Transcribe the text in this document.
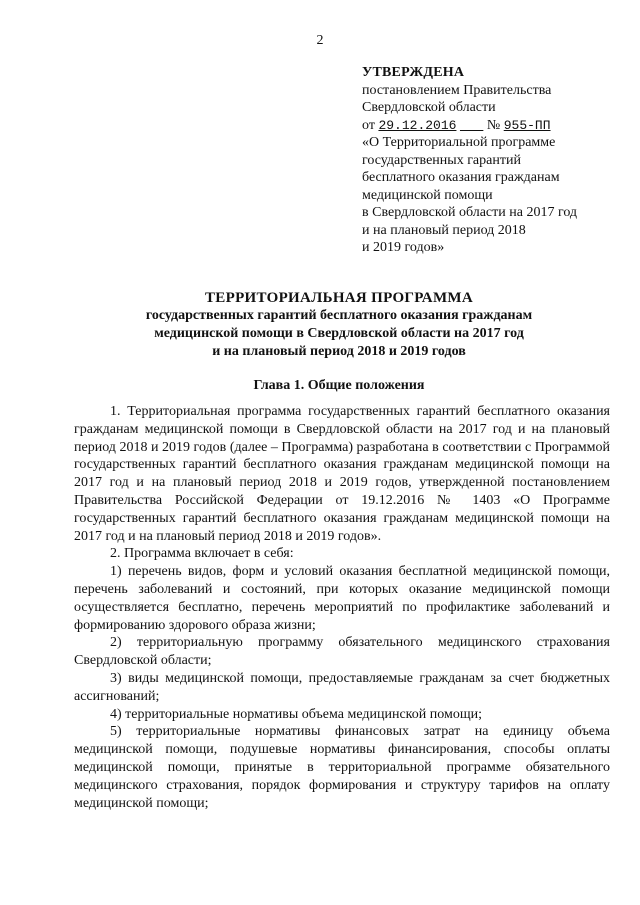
2
УТВЕРЖДЕНА
постановлением Правительства
Свердловской области
от 29.12.2016 № 955-ПП
«О Территориальной программе
государственных гарантий
бесплатного оказания гражданам
медицинской помощи
в Свердловской области на 2017 год
и на плановый период 2018
и 2019 годов»
ТЕРРИТОРИАЛЬНАЯ ПРОГРАММА
государственных гарантий бесплатного оказания гражданам
медицинской помощи в Свердловской области на 2017 год
и на плановый период 2018 и 2019 годов
Глава 1. Общие положения

1. Территориальная программа государственных гарантий бесплатного оказания гражданам медицинской помощи в Свердловской области на 2017 год и на плановый период 2018 и 2019 годов (далее – Программа) разработана в соответствии с Программой государственных гарантий бесплатного оказания гражданам медицинской помощи на 2017 год и на плановый период 2018 и 2019 годов, утвержденной постановлением Правительства Российской Федерации от 19.12.2016 № 1403 «О Программе государственных гарантий бесплатного оказания гражданам медицинской помощи на 2017 год и на плановый период 2018 и 2019 годов».

2. Программа включает в себя:

1) перечень видов, форм и условий оказания бесплатной медицинской помощи, перечень заболеваний и состояний, при которых оказание медицинской помощи осуществляется бесплатно, перечень мероприятий по профилактике заболеваний и формированию здорового образа жизни;

2) территориальную программу обязательного медицинского страхования Свердловской области;

3) виды медицинской помощи, предоставляемые гражданам за счет бюджетных ассигнований;

4) территориальные нормативы объема медицинской помощи;

5) территориальные нормативы финансовых затрат на единицу объема медицинской помощи, подушевые нормативы финансирования, способы оплаты медицинской помощи, принятые в территориальной программе обязательного медицинского страхования, порядок формирования и структуру тарифов на оплату медицинской помощи;
